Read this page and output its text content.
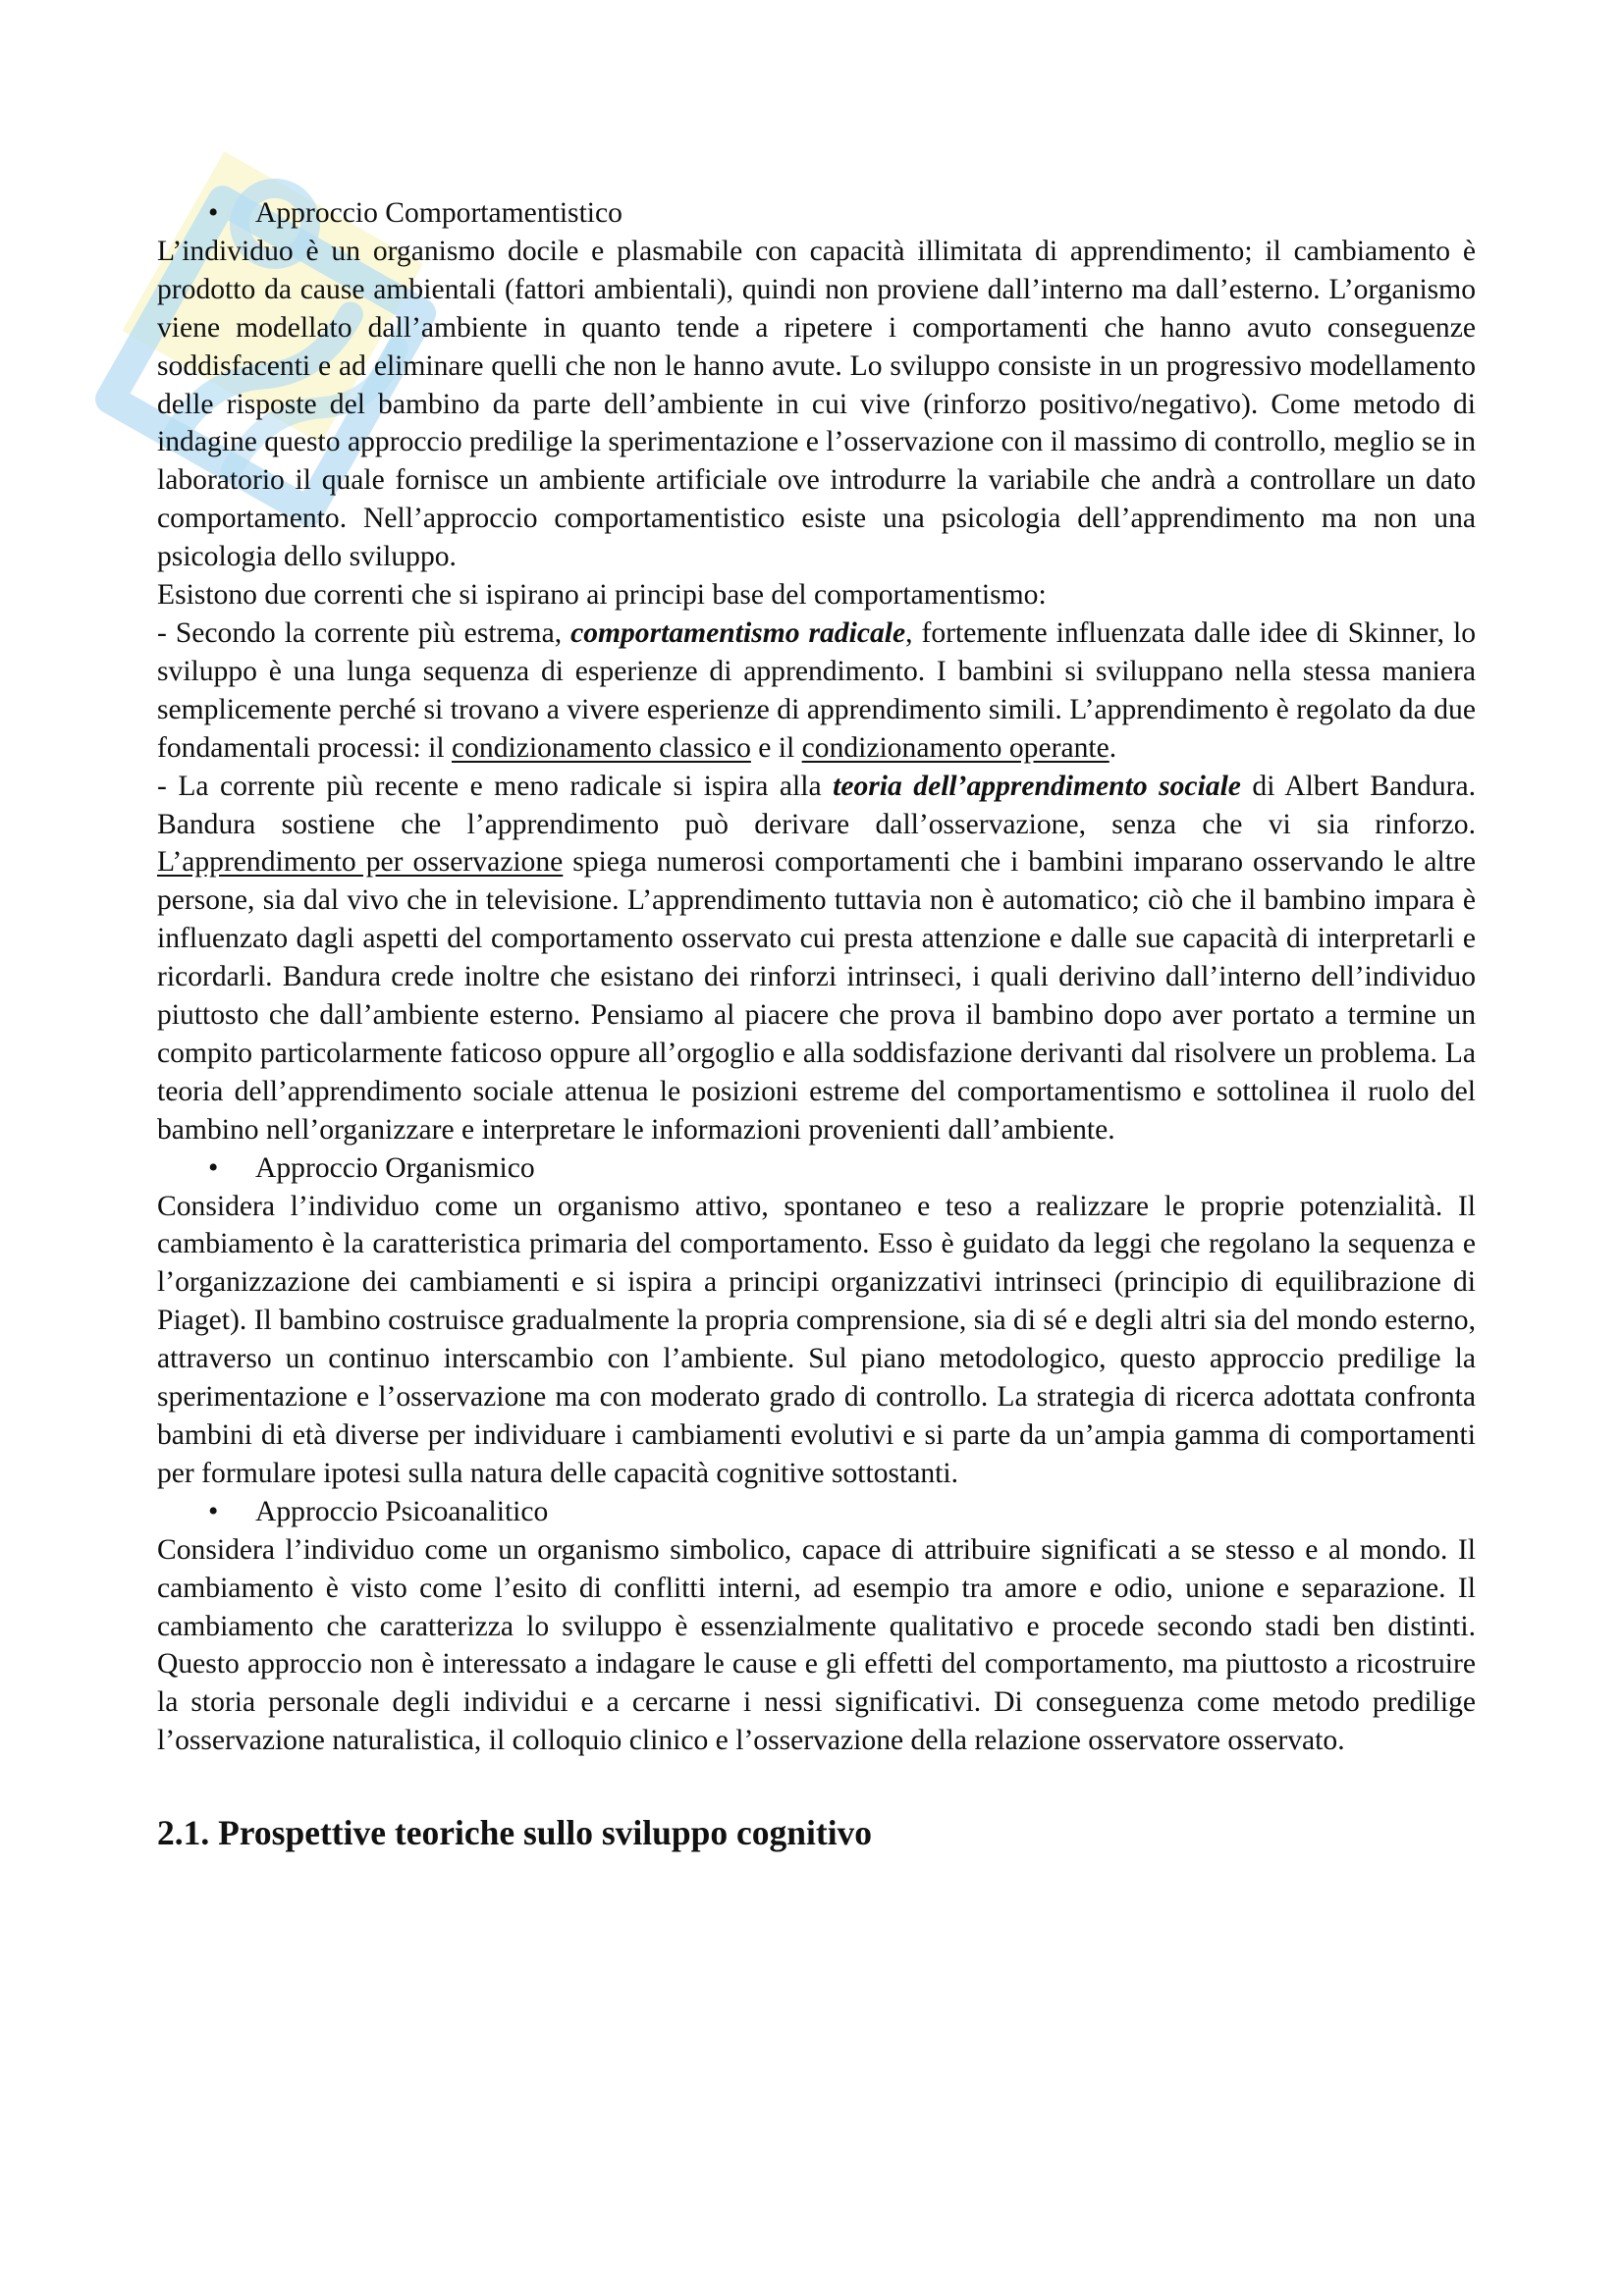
• Approccio Comportamentistico
L’individuo è un organismo docile e plasmabile con capacità illimitata di apprendimento; il cambiamento è prodotto da cause ambientali (fattori ambientali), quindi non proviene dall’interno ma dall’esterno. L’organismo viene modellato dall’ambiente in quanto tende a ripetere i comportamenti che hanno avuto conseguenze soddisfacenti e ad eliminare quelli che non le hanno avute. Lo sviluppo consiste in un progressivo modellamento delle risposte del bambino da parte dell’ambiente in cui vive (rinforzo positivo/negativo). Come metodo di indagine questo approccio predilige la sperimentazione e l’osservazione con il massimo di controllo, meglio se in laboratorio il quale fornisce un ambiente artificiale ove introdurre la variabile che andrà a controllare un dato comportamento. Nell’approccio comportamentistico esiste una psicologia dell’apprendimento ma non una psicologia dello sviluppo.
Esistono due correnti che si ispirano ai principi base del comportamentismo:
- Secondo la corrente più estrema, comportamentismo radicale, fortemente influenzata dalle idee di Skinner, lo sviluppo è una lunga sequenza di esperienze di apprendimento. I bambini si sviluppano nella stessa maniera semplicemente perché si trovano a vivere esperienze di apprendimento simili. L’apprendimento è regolato da due fondamentali processi: il condizionamento classico e il condizionamento operante.
- La corrente più recente e meno radicale si ispira alla teoria dell’apprendimento sociale di Albert Bandura. Bandura sostiene che l’apprendimento può derivare dall’osservazione, senza che vi sia rinforzo. L’apprendimento per osservazione spiega numerosi comportamenti che i bambini imparano osservando le altre persone, sia dal vivo che in televisione. L’apprendimento tuttavia non è automatico; ciò che il bambino impara è influenzato dagli aspetti del comportamento osservato cui presta attenzione e dalle sue capacità di interpretarli e ricordarli. Bandura crede inoltre che esistano dei rinforzi intrinseci, i quali derivino dall’interno dell’individuo piuttosto che dall’ambiente esterno. Pensiamo al piacere che prova il bambino dopo aver portato a termine un compito particolarmente faticoso oppure all’orgoglio e alla soddisfazione derivanti dal risolvere un problema. La teoria dell’apprendimento sociale attenua le posizioni estreme del comportamentismo e sottolinea il ruolo del bambino nell’organizzare e interpretare le informazioni provenienti dall’ambiente.
• Approccio Organismico
Considera l’individuo come un organismo attivo, spontaneo e teso a realizzare le proprie potenzialità. Il cambiamento è la caratteristica primaria del comportamento. Esso è guidato da leggi che regolano la sequenza e l’organizzazione dei cambiamenti e si ispira a principi organizzativi intrinseci (principio di equilibrazione di Piaget). Il bambino costruisce gradualmente la propria comprensione, sia di sé e degli altri sia del mondo esterno, attraverso un continuo interscambio con l’ambiente. Sul piano metodologico, questo approccio predilige la sperimentazione e l’osservazione ma con moderato grado di controllo. La strategia di ricerca adottata confronta bambini di età diverse per individuare i cambiamenti evolutivi e si parte da un’ampia gamma di comportamenti per formulare ipotesi sulla natura delle capacità cognitive sottostanti.
• Approccio Psicoanalitico
Considera l’individuo come un organismo simbolico, capace di attribuire significati a se stesso e al mondo. Il cambiamento è visto come l’esito di conflitti interni, ad esempio tra amore e odio, unione e separazione. Il cambiamento che caratterizza lo sviluppo è essenzialmente qualitativo e procede secondo stadi ben distinti. Questo approccio non è interessato a indagare le cause e gli effetti del comportamento, ma piuttosto a ricostruire la storia personale degli individui e a cercarne i nessi significativi. Di conseguenza come metodo predilige l’osservazione naturalistica, il colloquio clinico e l’osservazione della relazione osservatore osservato.
2.1. Prospettive teoriche sullo sviluppo cognitivo
